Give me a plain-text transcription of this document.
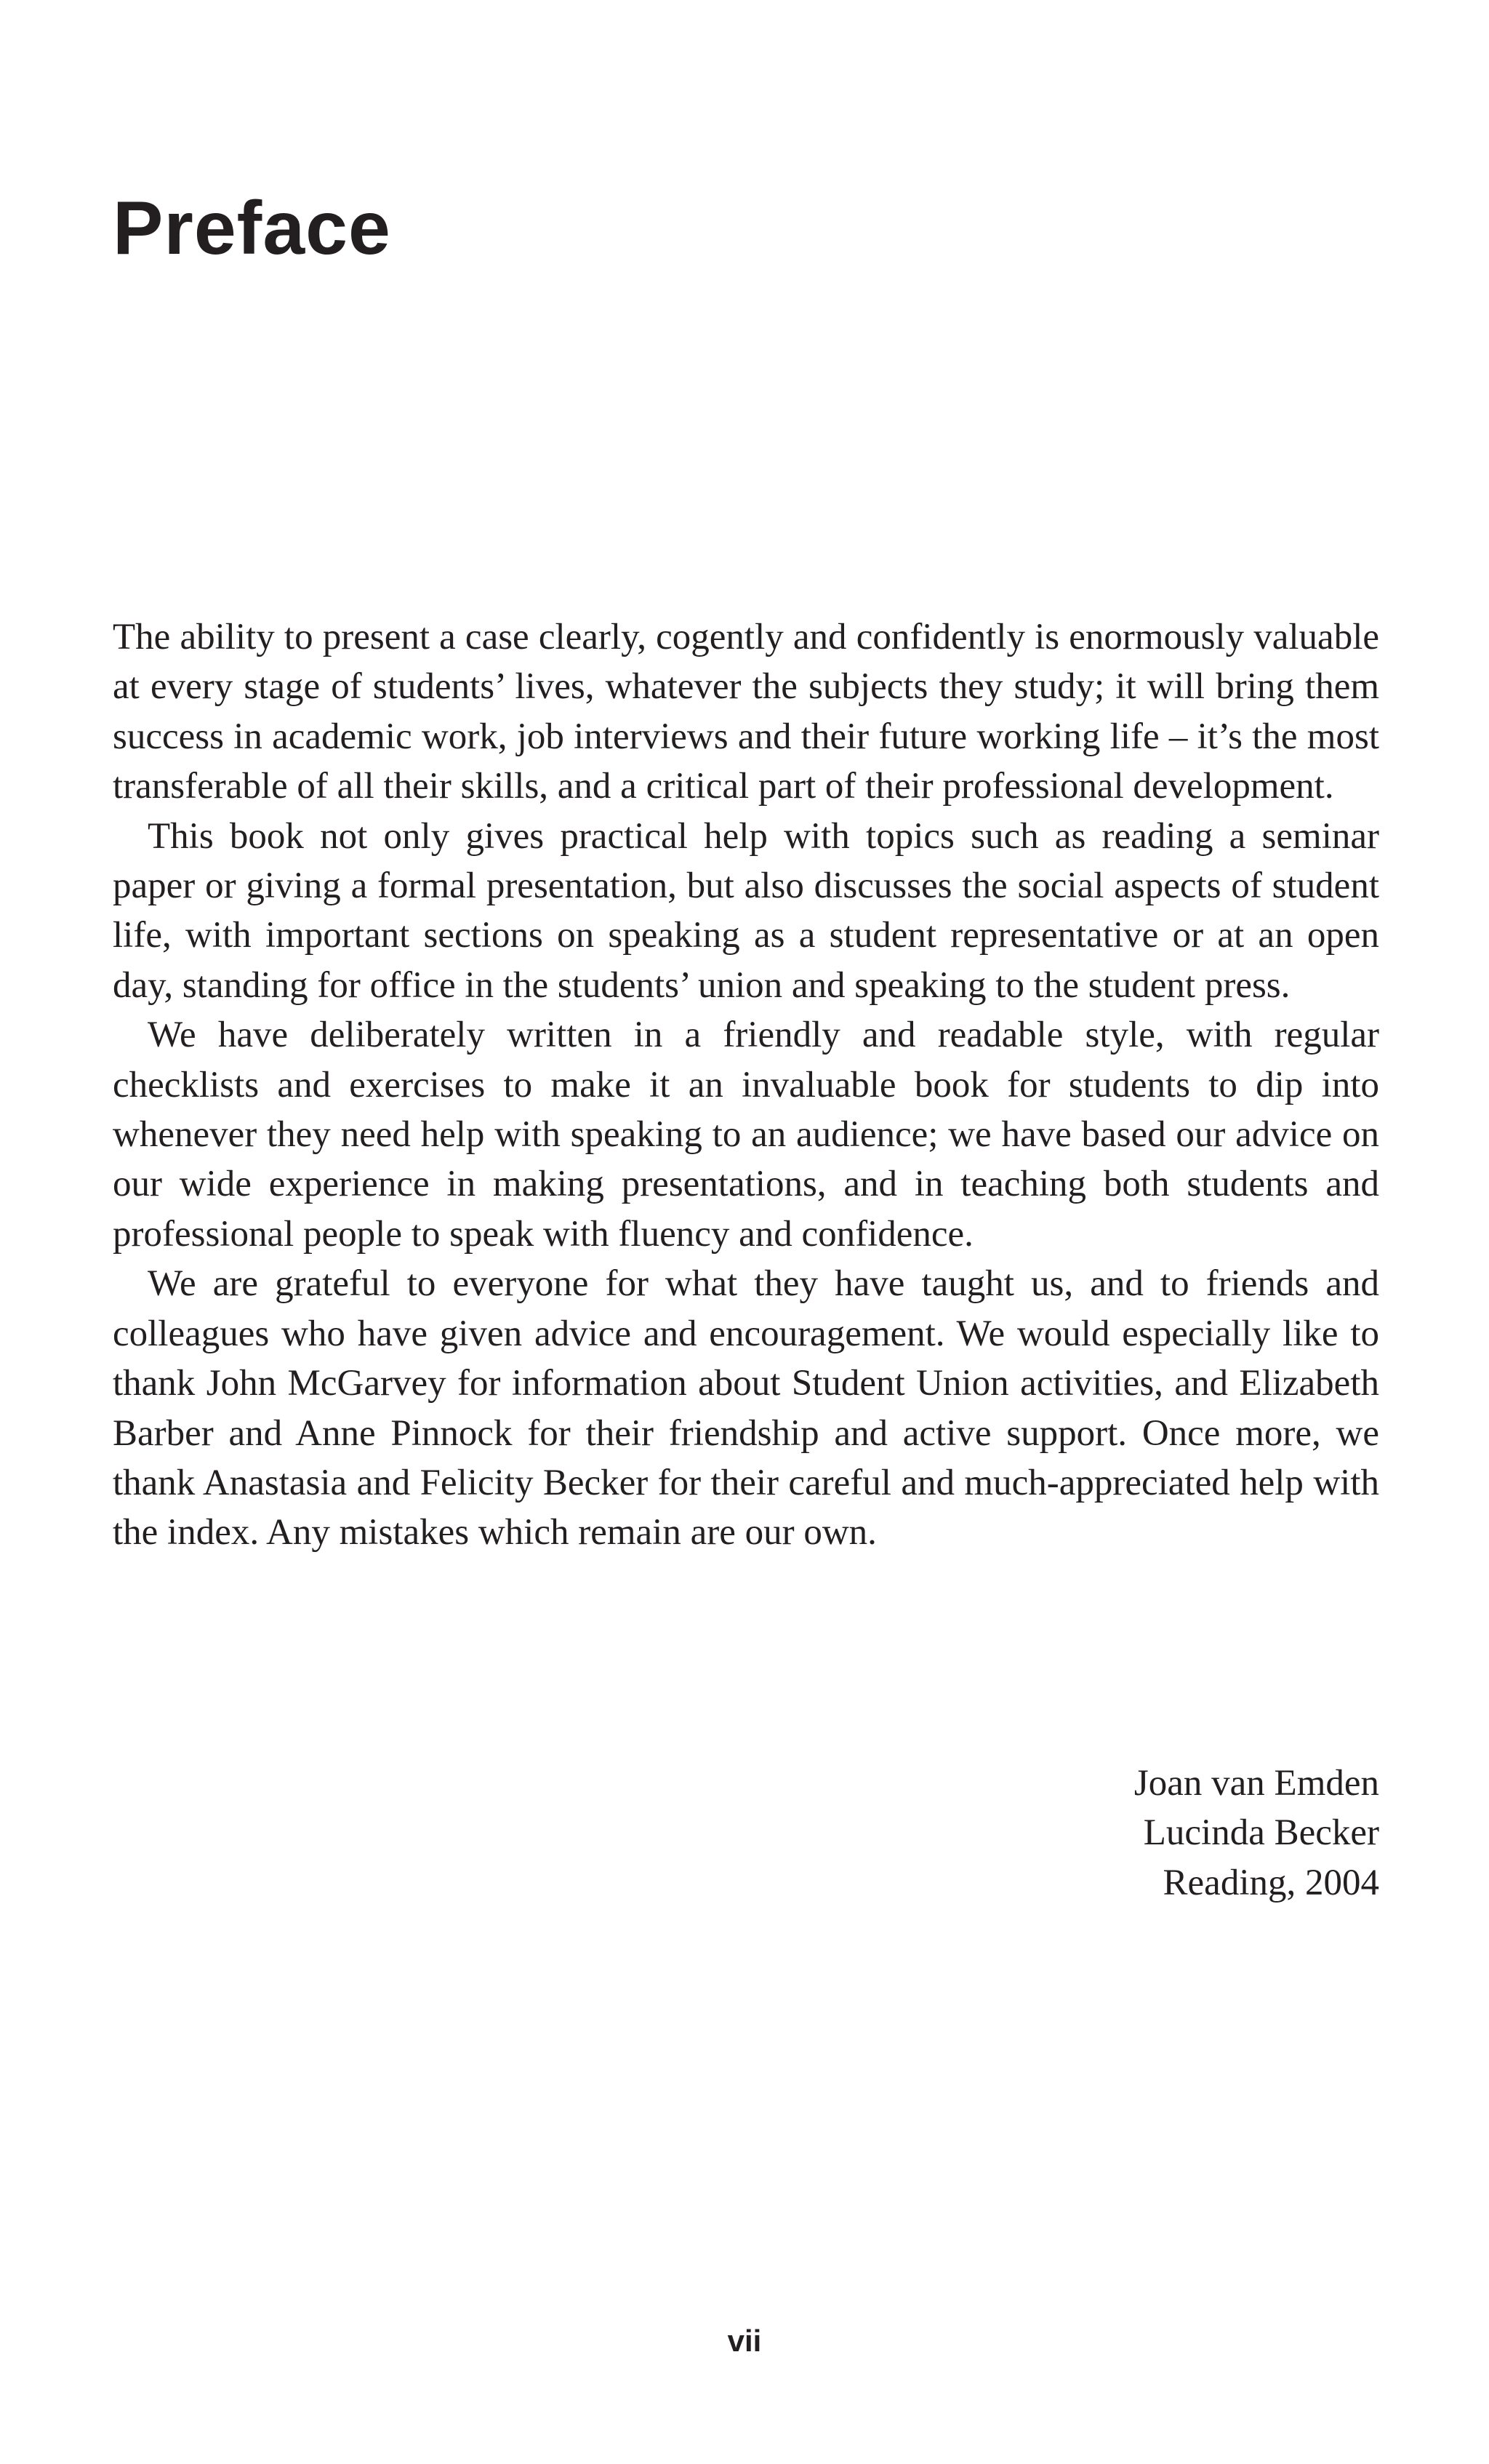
Preface

The ability to present a case clearly, cogently and confidently is enormously valuable at every stage of students’ lives, whatever the subjects they study; it will bring them success in academic work, job interviews and their future working life – it’s the most transferable of all their skills, and a critical part of their professional development.

This book not only gives practical help with topics such as reading a seminar paper or giving a formal presentation, but also discusses the social aspects of student life, with important sections on speaking as a student representative or at an open day, standing for office in the students’ union and speaking to the student press.

We have deliberately written in a friendly and readable style, with regular checklists and exercises to make it an invaluable book for students to dip into whenever they need help with speaking to an audience; we have based our advice on our wide experience in making presentations, and in teaching both students and professional people to speak with fluency and confidence.

We are grateful to everyone for what they have taught us, and to friends and colleagues who have given advice and encouragement. We would especially like to thank John McGarvey for information about Student Union activities, and Elizabeth Barber and Anne Pinnock for their friendship and active support. Once more, we thank Anastasia and Felicity Becker for their careful and much-appreciated help with the index. Any mistakes which remain are our own.

Joan van Emden
Lucinda Becker
Reading, 2004
vii
